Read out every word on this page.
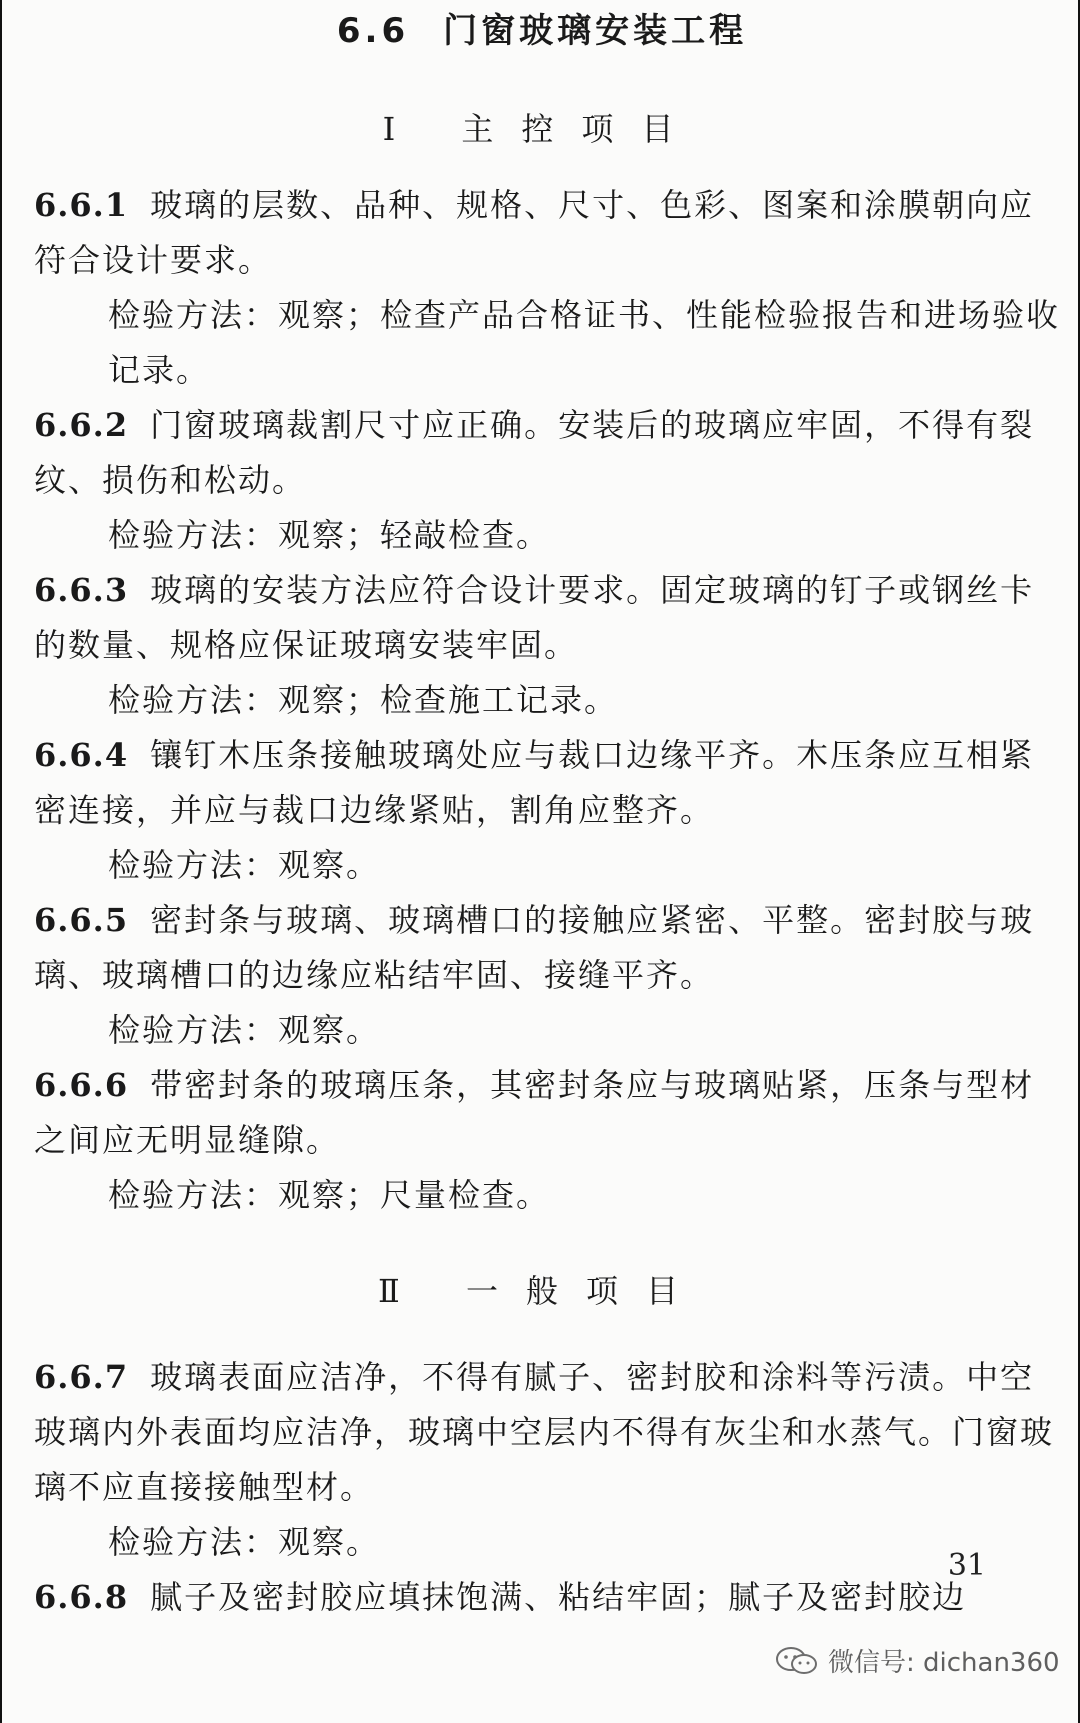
6.6 门窗玻璃安装工程
Ⅰ 主控项目

6.6.1 玻璃的层数、品种、规格、尺寸、色彩、图案和涂膜朝向应符合设计要求。

检验方法：观察；检查产品合格证书、性能检验报告和进场验收记录。

6.6.2 门窗玻璃裁割尺寸应正确。安装后的玻璃应牢固，不得有裂纹、损伤和松动。

检验方法：观察；轻敲检查。

6.6.3 玻璃的安装方法应符合设计要求。固定玻璃的钉子或钢丝卡的数量、规格应保证玻璃安装牢固。

检验方法：观察；检查施工记录。

6.6.4 镶钉木压条接触玻璃处应与裁口边缘平齐。木压条应互相紧密连接，并应与裁口边缘紧贴，割角应整齐。

检验方法：观察。

6.6.5 密封条与玻璃、玻璃槽口的接触应紧密、平整。密封胶与玻璃、玻璃槽口的边缘应粘结牢固、接缝平齐。

检验方法：观察。

6.6.6 带密封条的玻璃压条，其密封条应与玻璃贴紧，压条与型材之间应无明显缝隙。

检验方法：观察；尺量检查。

Ⅱ 一般项目

6.6.7 玻璃表面应洁净，不得有腻子、密封胶和涂料等污渍。中空玻璃内外表面均应洁净，玻璃中空层内不得有灰尘和水蒸气。门窗玻璃不应直接接触型材。

检验方法：观察。

6.6.8 腻子及密封胶应填抹饱满、粘结牢固；腻子及密封胶边

31
微信号: dichan360
